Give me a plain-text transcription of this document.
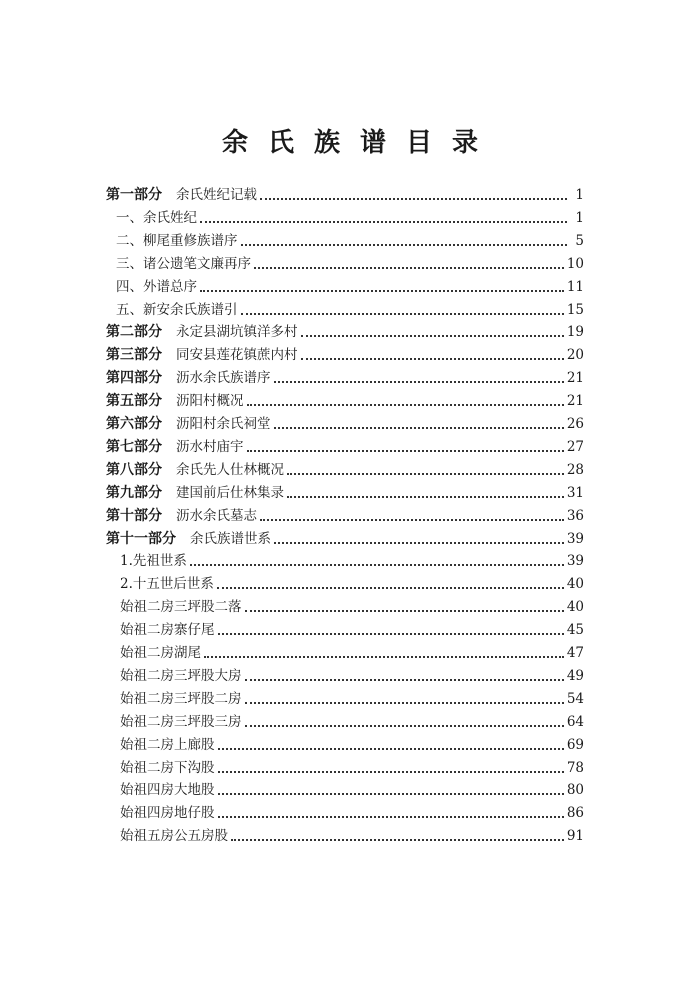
余氏族谱目录
第一部分 余氏姓纪记载	1
一、余氏姓纪	1
二、柳尾重修族谱序	5
三、诸公遗笔文廉再序	10
四、外谱总序	11
五、新安余氏族谱引	15
第二部分 永定县湖坑镇洋多村	19
第三部分 同安县莲花镇蔗内村	20
第四部分 沥水余氏族谱序	21
第五部分 沥阳村概况	21
第六部分 沥阳村余氏祠堂	26
第七部分 沥水村庙宇	27
第八部分 余氏先人仕林概况	28
第九部分 建国前后仕林集录	31
第十部分 沥水余氏墓志	36
第十一部分 余氏族谱世系	39
1.先祖世系	39
2.十五世后世系	40
始祖二房三坪股二落	40
始祖二房寨仔尾	45
始祖二房湖尾	47
始祖二房三坪股大房	49
始祖二房三坪股二房	54
始祖二房三坪股三房	64
始祖二房上廊股	69
始祖二房下沟股	78
始祖四房大地股	80
始祖四房地仔股	86
始祖五房公五房股	91
